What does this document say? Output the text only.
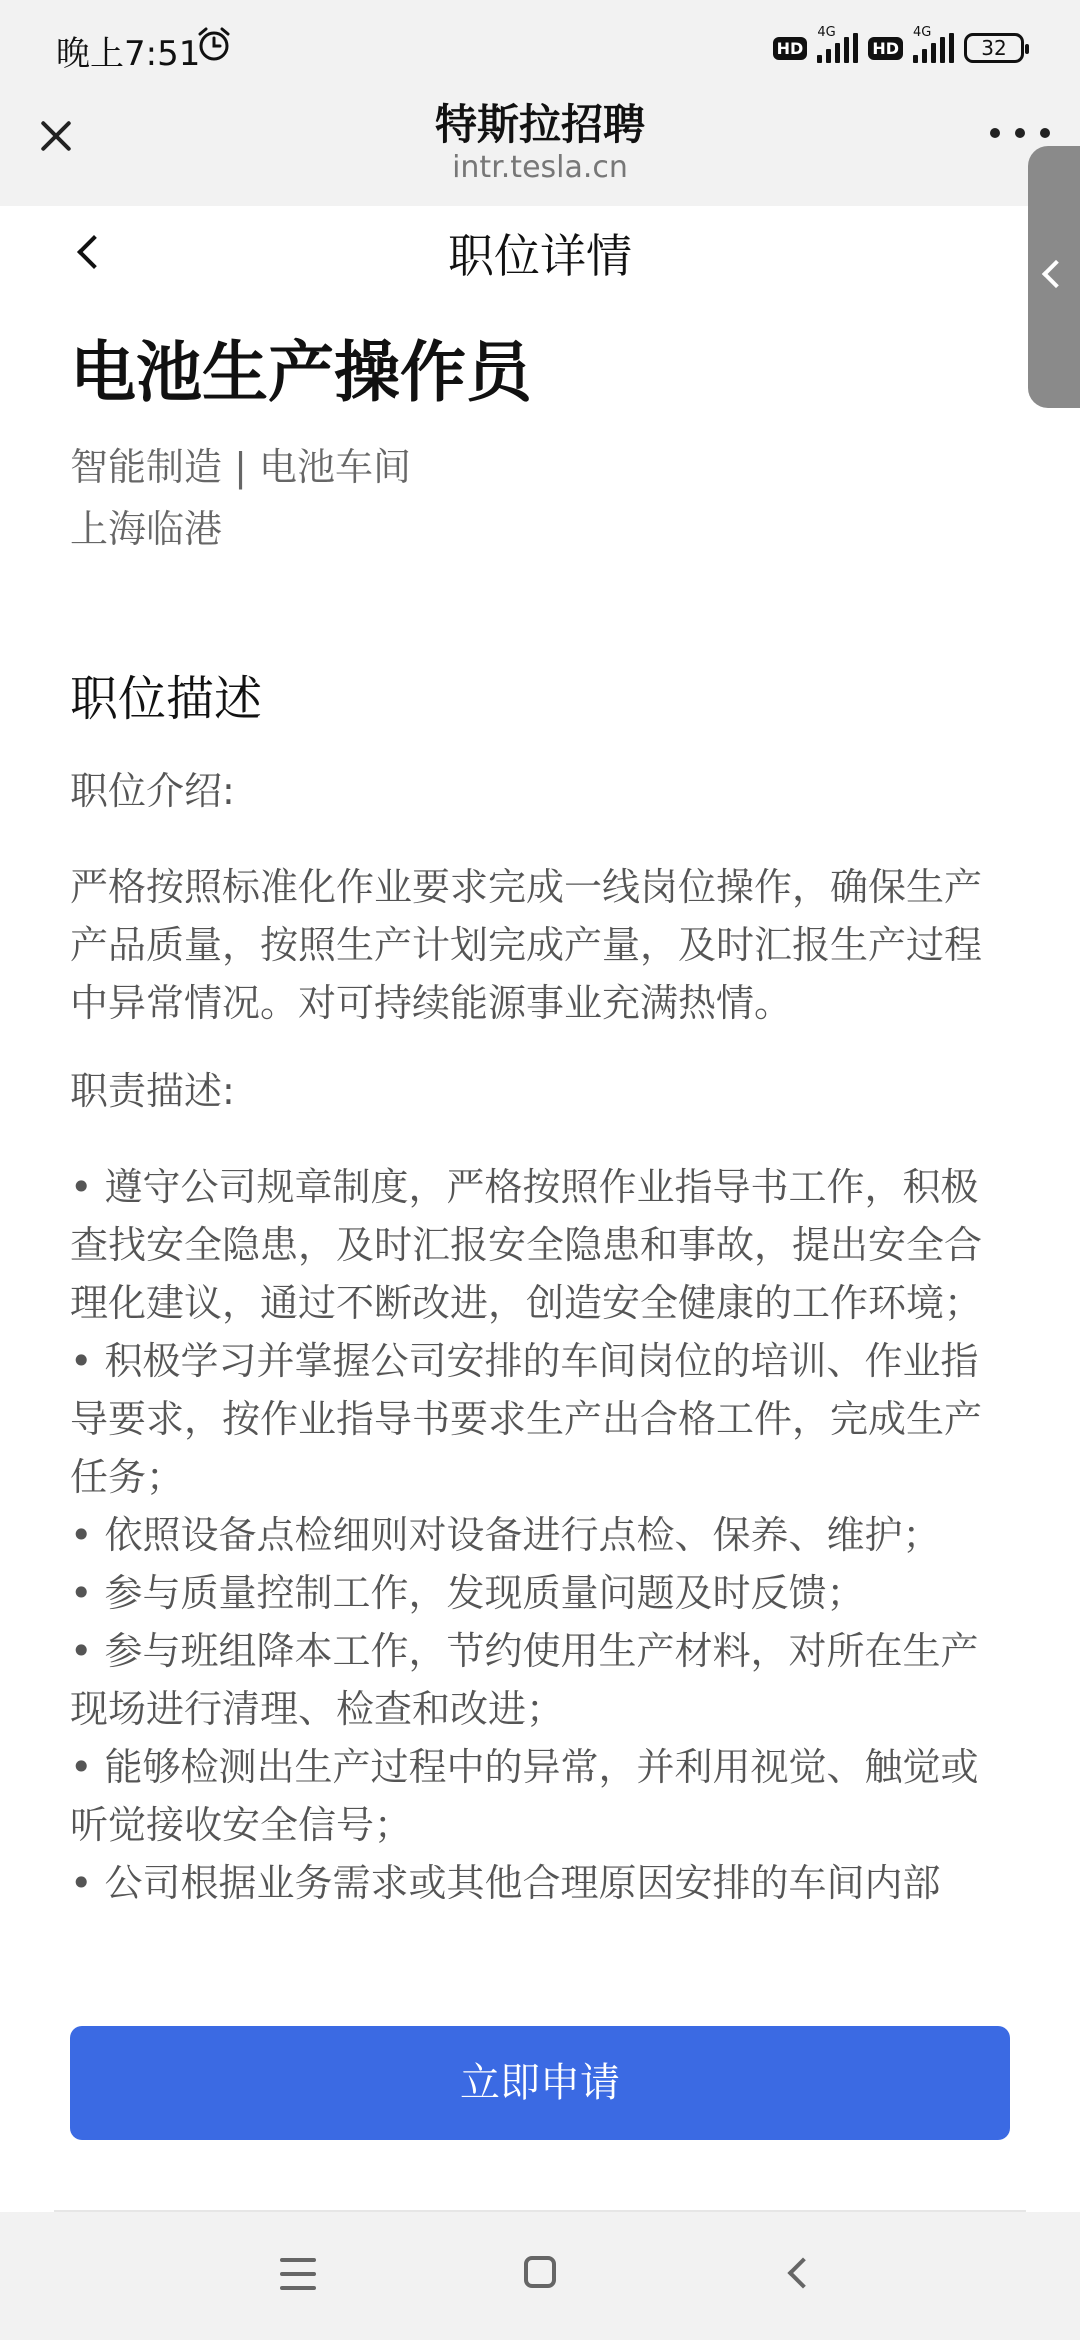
晚上7:51	HD
4G
HD
4G
32
特斯拉招聘
intr.tesla.cn
职位详情
电池生产操作员
智能制造 | 电池车间
上海临港
职位描述
职位介绍:
严格按照标准化作业要求完成一线岗位操作，确保生产产品质量，按照生产计划完成产量，及时汇报生产过程中异常情况。对可持续能源事业充满热情。
职责描述:
• 遵守公司规章制度，严格按照作业指导书工作，积极查找安全隐患，及时汇报安全隐患和事故，提出安全合理化建议，通过不断改进，创造安全健康的工作环境；
• 积极学习并掌握公司安排的车间岗位的培训、作业指导要求，按作业指导书要求生产出合格工件，完成生产任务；
• 依照设备点检细则对设备进行点检、保养、维护；
• 参与质量控制工作，发现质量问题及时反馈；
• 参与班组降本工作，节约使用生产材料，对所在生产现场进行清理、检查和改进；
• 能够检测出生产过程中的异常，并利用视觉、触觉或听觉接收安全信号；
• 公司根据业务需求或其他合理原因安排的车间内部
立即申请
